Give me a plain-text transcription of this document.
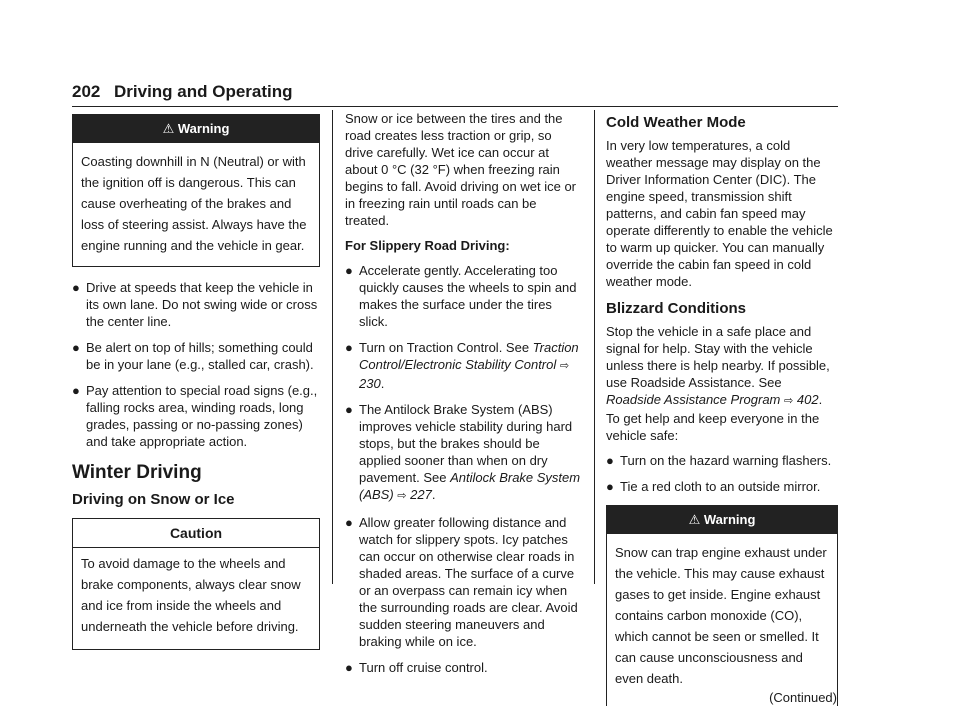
202 Driving and Operating
⚠ Warning
Coasting downhill in N (Neutral) or with the ignition off is dangerous. This can cause overheating of the brakes and loss of steering assist. Always have the engine running and the vehicle in gear.
● Drive at speeds that keep the vehicle in its own lane. Do not swing wide or cross the center line.
● Be alert on top of hills; something could be in your lane (e.g., stalled car, crash).
● Pay attention to special road signs (e.g., falling rocks area, winding roads, long grades, passing or no-passing zones) and take appropriate action.
Winter Driving
Driving on Snow or Ice
Caution
To avoid damage to the wheels and brake components, always clear snow and ice from inside the wheels and underneath the vehicle before driving.

Snow or ice between the tires and the road creates less traction or grip, so drive carefully. Wet ice can occur at about 0 °C (32 °F) when freezing rain begins to fall. Avoid driving on wet ice or in freezing rain until roads can be treated.

For Slippery Road Driving:

● Accelerate gently. Accelerating too quickly causes the wheels to spin and makes the surface under the tires slick.
● Turn on Traction Control. See Traction Control/Electronic Stability Control ⇨ 230.
● The Antilock Brake System (ABS) improves vehicle stability during hard stops, but the brakes should be applied sooner than when on dry pavement. See Antilock Brake System (ABS) ⇨ 227.
● Allow greater following distance and watch for slippery spots. Icy patches can occur on otherwise clear roads in shaded areas. The surface of a curve or an overpass can remain icy when the surrounding roads are clear. Avoid sudden steering maneuvers and braking while on ice.
● Turn off cruise control.
Cold Weather Mode

In very low temperatures, a cold weather message may display on the Driver Information Center (DIC). The engine speed, transmission shift patterns, and cabin fan speed may operate differently to enable the vehicle to warm up quicker. You can manually override the cabin fan speed in cold weather mode.

Blizzard Conditions

Stop the vehicle in a safe place and signal for help. Stay with the vehicle unless there is help nearby. If possible, use Roadside Assistance. See Roadside Assistance Program ⇨ 402. To get help and keep everyone in the vehicle safe:

● Turn on the hazard warning flashers.
● Tie a red cloth to an outside mirror.
⚠ Warning
Snow can trap engine exhaust under the vehicle. This may cause exhaust gases to get inside. Engine exhaust contains carbon monoxide (CO), which cannot be seen or smelled. It can cause unconsciousness and even death.
(Continued)
